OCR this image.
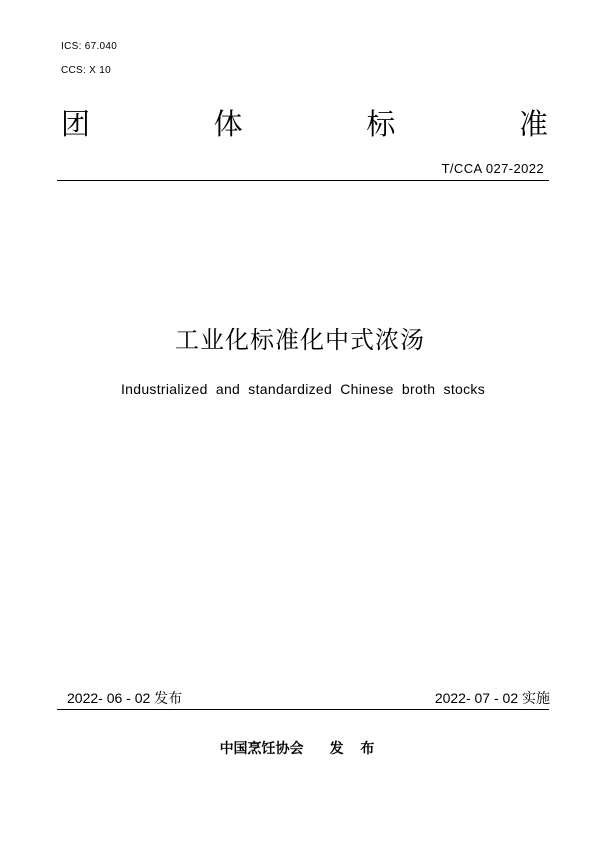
ICS: 67.040
CCS: X 10
团	体	标	准
T/CCA 027-2022
工业化标准化中式浓汤
Industrialized and standardized Chinese broth stocks
2022- 06 - 02 发布	2022- 07 - 02 实施
中国烹饪协会 发 布
